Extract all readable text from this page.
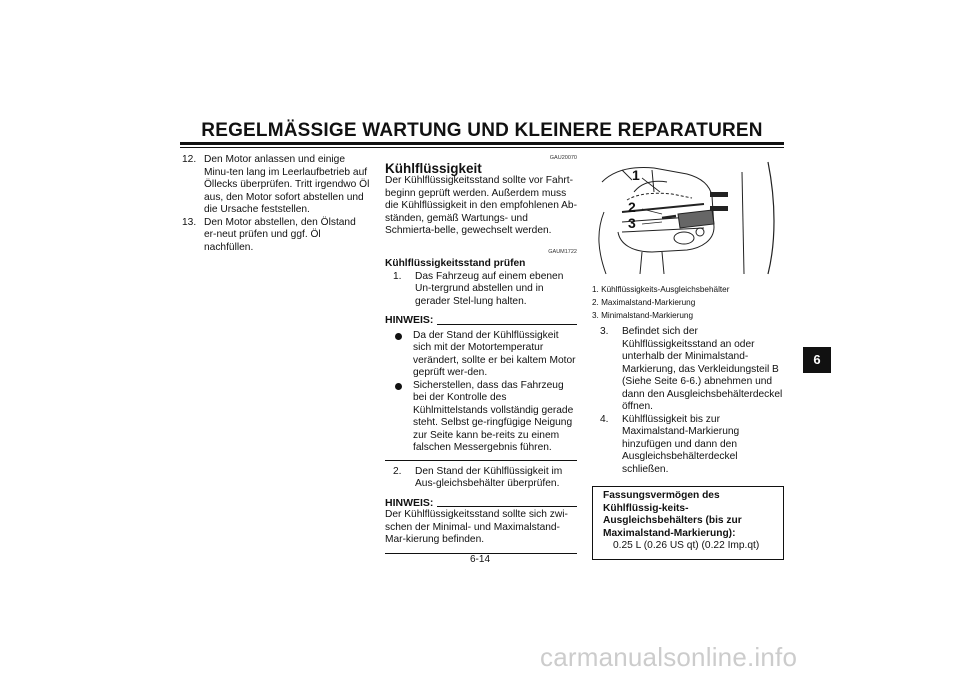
REGELMÄSSIGE WARTUNG UND KLEINERE REPARATUREN
12. Den Motor anlassen und einige Minu-ten lang im Leerlaufbetrieb auf Öllecks überprüfen. Tritt irgendwo Öl aus, den Motor sofort abstellen und die Ursache feststellen.
13. Den Motor abstellen, den Ölstand er-neut prüfen und ggf. Öl nachfüllen.
GAU20070
Kühlflüssigkeit
Der Kühlflüssigkeitsstand sollte vor Fahrt-beginn geprüft werden. Außerdem muss die Kühlflüssigkeit in den empfohlenen Ab-ständen, gemäß Wartungs- und Schmierta-belle, gewechselt werden.
GAUM1722
Kühlflüssigkeitsstand prüfen
1.	Das Fahrzeug auf einem ebenen Un-tergrund abstellen und in gerader Stel-lung halten.
HINWEIS:
Da der Stand der Kühlflüssigkeit sich mit der Motortemperatur verändert, sollte er bei kaltem Motor geprüft wer-den.
Sicherstellen, dass das Fahrzeug bei der Kontrolle des Kühlmittelstands vollständig gerade steht. Selbst ge-ringfügige Neigung zur Seite kann be-reits zu einem falschen Messergebnis führen.
2.	Den Stand der Kühlflüssigkeit im Aus-gleichsbehälter überprüfen.
HINWEIS:
Der Kühlflüssigkeitsstand sollte sich zwi-schen der Minimal- und Maximalstand-Mar-kierung befinden.
1
2
3
1. Kühlflüssigkeits-Ausgleichsbehälter
2. Maximalstand-Markierung
3. Minimalstand-Markierung
3.	Befindet sich der Kühlflüssigkeitsstand an oder unterhalb der Minimalstand-Markierung, das Verkleidungsteil B (Siehe Seite 6-6.) abnehmen und dann den Ausgleichsbehälterdeckel öffnen.
4.	Kühlflüssigkeit bis zur Maximalstand-Markierung hinzufügen und dann den Ausgleichsbehälterdeckel schließen.
Fassungsvermögen des Kühlflüssig-keits-Ausgleichsbehälters (bis zur Maximalstand-Markierung):
0.25 L (0.26 US qt) (0.22 Imp.qt)
6
6-14
carmanualsonline.info
